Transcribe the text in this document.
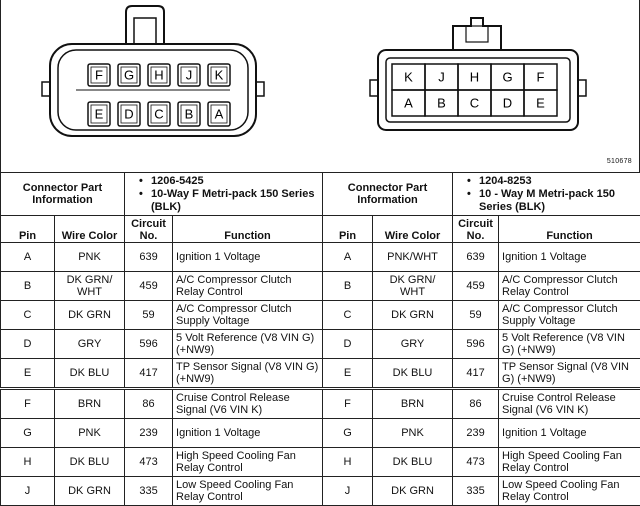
F G H J K
E D C B A
K J H G F
A B C D E
510678
Connector Part Information		• 1206-5425
• 10-Way F Metri-pack 150 Series (BLK)		Connector Part Information		• 1204-8253
• 10 - Way M Metri-pack 150 Series (BLK)

Pin	Wire Color	Circuit No.	Function	Pin	Wire Color	Circuit No.	Function
A	PNK	639	Ignition 1 Voltage	A	PNK/WHT	639	Ignition 1 Voltage
B	DK GRN/ WHT	459	A/C Compressor Clutch Relay Control	B	DK GRN/ WHT	459	A/C Compressor Clutch Relay Control
C	DK GRN	59	A/C Compressor Clutch Supply Voltage	C	DK GRN	59	A/C Compressor Clutch Supply Voltage
D	GRY	596	5 Volt Reference (V8 VIN G) (+NW9)	D	GRY	596	5 Volt Reference (V8 VIN G) (+NW9)
E	DK BLU	417	TP Sensor Signal (V8 VIN G) (+NW9)	E	DK BLU	417	TP Sensor Signal (V8 VIN G) (+NW9)
F	BRN	86	Cruise Control Release Signal (V6 VIN K)	F	BRN	86	Cruise Control Release Signal (V6 VIN K)
G	PNK	239	Ignition 1 Voltage	G	PNK	239	Ignition 1 Voltage
H	DK BLU	473	High Speed Cooling Fan Relay Control	H	DK BLU	473	High Speed Cooling Fan Relay Control
J	DK GRN	335	Low Speed Cooling Fan Relay Control	J	DK GRN	335	Low Speed Cooling Fan Relay Control
